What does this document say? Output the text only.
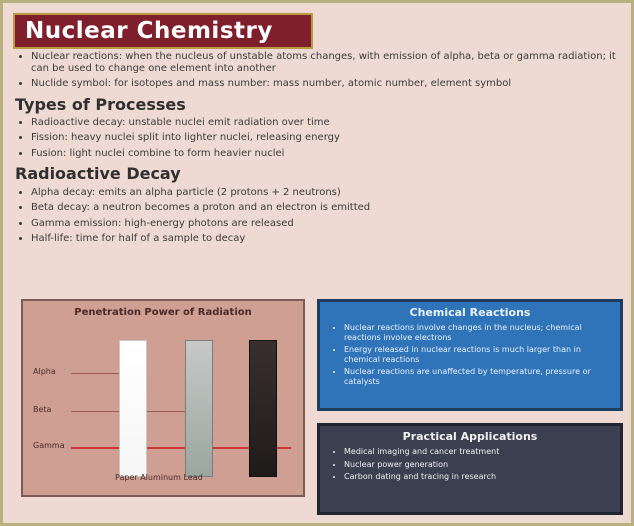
Nuclear Chemistry
• Nuclear reactions: when the nucleus of unstable atoms changes, with emission of alpha, beta or gamma radiation; it can be used to change one element into another
• Nuclide symbol: for isotopes and mass number: mass number, atomic number, element symbol
Types of Processes
• Radioactive decay: unstable nuclei emit radiation over time
• Fission: heavy nuclei split into lighter nuclei, releasing energy
• Fusion: light nuclei combine to form heavier nuclei
Radioactive Decay
• Alpha decay: emits an alpha particle (2 protons + 2 neutrons)
• Beta decay: a neutron becomes a proton and an electron is emitted
• Gamma emission: high-energy photons are released
• Half-life: time for half of a sample to decay
Penetration Power of Radiation
Alpha
Beta
Gamma
Paper Aluminum Lead
Chemical Reactions
• Nuclear reactions involve changes in the nucleus; chemical reactions involve electrons
• Energy released in nuclear reactions is much larger than in chemical reactions
• Nuclear reactions are unaffected by temperature, pressure or catalysts
Practical Applications
• Medical imaging and cancer treatment
• Nuclear power generation
• Carbon dating and tracing in research
